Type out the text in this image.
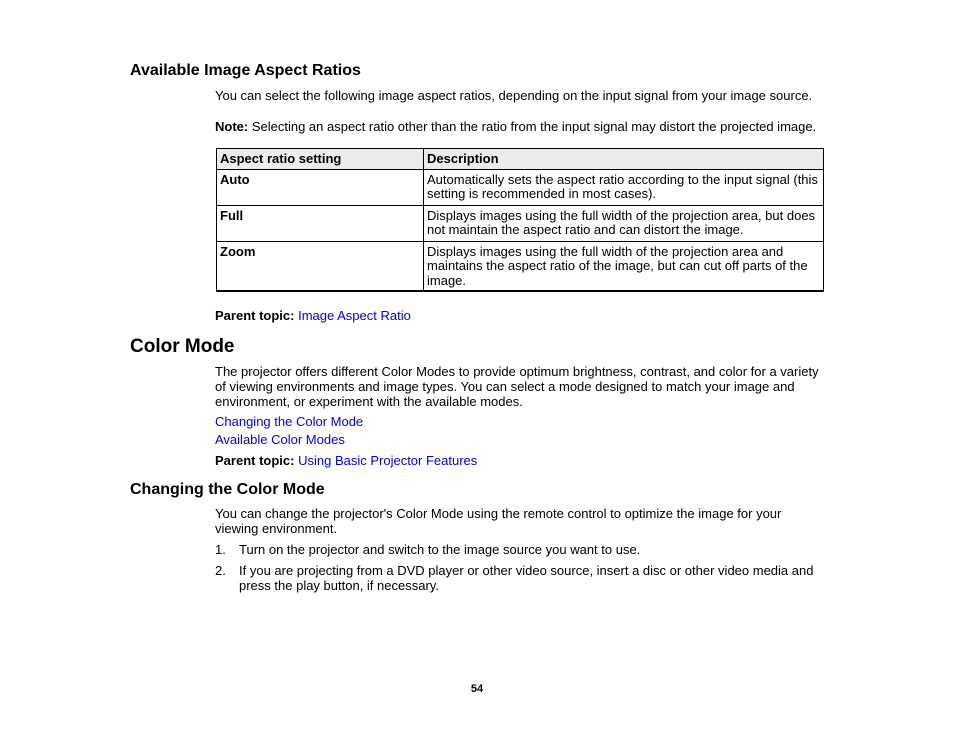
Available Image Aspect Ratios

You can select the following image aspect ratios, depending on the input signal from your image source.

Note: Selecting an aspect ratio other than the ratio from the input signal may distort the projected image.

Aspect ratio setting	Description
Auto	Automatically sets the aspect ratio according to the input signal (this setting is recommended in most cases).
Full	Displays images using the full width of the projection area, but does not maintain the aspect ratio and can distort the image.
Zoom	Displays images using the full width of the projection area and maintains the aspect ratio of the image, but can cut off parts of the image.

Parent topic: Image Aspect Ratio

Color Mode

The projector offers different Color Modes to provide optimum brightness, contrast, and color for a variety of viewing environments and image types. You can select a mode designed to match your image and environment, or experiment with the available modes.

Changing the Color Mode

Available Color Modes

Parent topic: Using Basic Projector Features

Changing the Color Mode

You can change the projector's Color Mode using the remote control to optimize the image for your viewing environment.

1. Turn on the projector and switch to the image source you want to use.
2. If you are projecting from a DVD player or other video source, insert a disc or other video media and press the play button, if necessary.
54
